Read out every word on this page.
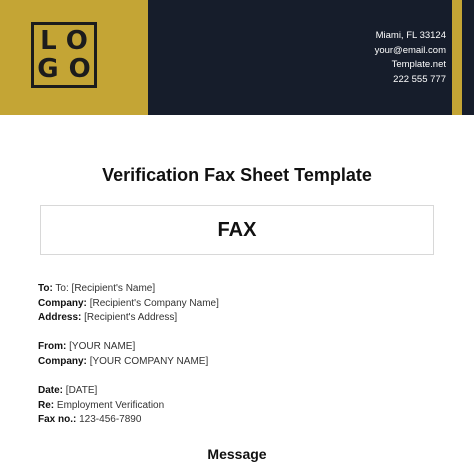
LO
GO
Miami, FL 33124
your@email.com
Template.net
222 555 777
Verification Fax Sheet Template
FAX
To: To: [Recipient's Name]
Company: [Recipient's Company Name]
Address: [Recipient's Address]
From: [YOUR NAME]
Company: [YOUR COMPANY NAME]
Date: [DATE]
Re: Employment Verification
Fax no.: 123-456-7890
Message
